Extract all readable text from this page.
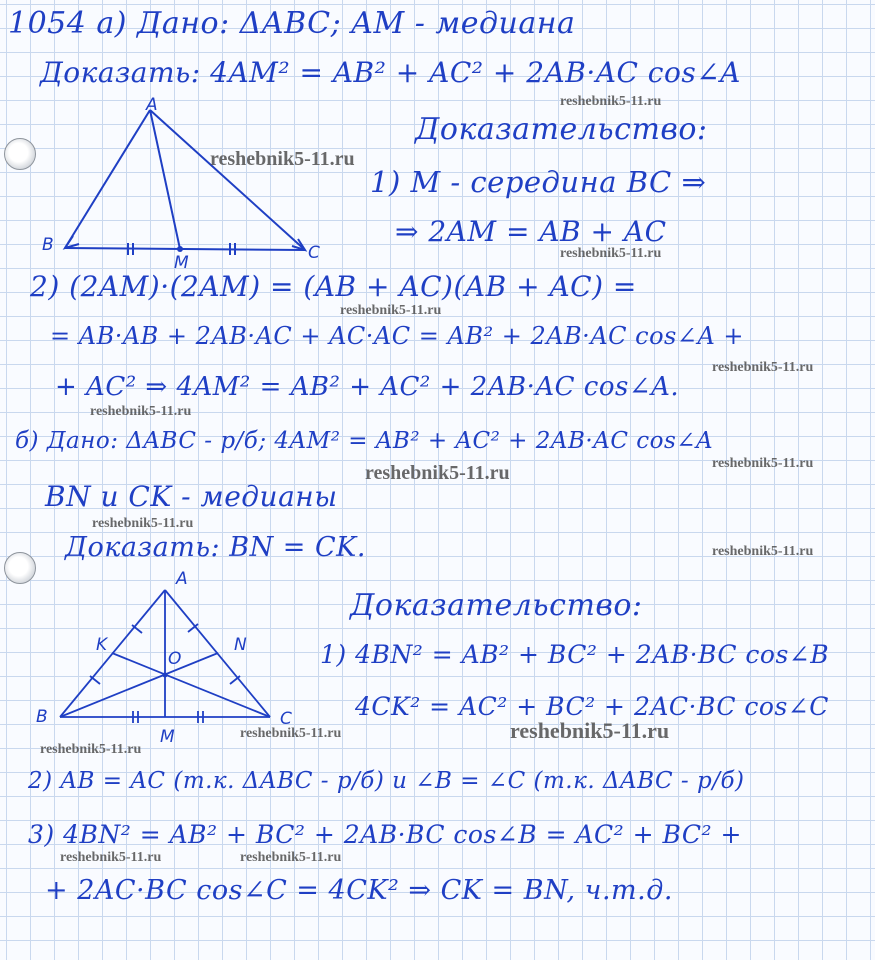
1054 а) Дано: ΔABC; AM - медиана
Доказать: 4AM² = AB² + AC² + 2AB·AC cos∠A
Доказательство:
1) M - середина BC ⇒
⇒ 2AM = AB + AC
2) (2AM)·(2AM) = (AB + AC)(AB + AC) =
= AB·AB + 2AB·AC + AC·AC = AB² + 2AB·AC cos∠A +
+ AC² ⇒ 4AM² = AB² + AC² + 2AB·AC cos∠A.
б) Дано: ΔABC - р/б; 4AM² = AB² + AC² + 2AB·AC cos∠A
BN и CK - медианы
Доказать: BN = CK.
Доказательство:
1) 4BN² = AB² + BC² + 2AB·BC cos∠B
4CK² = AC² + BC² + 2AC·BC cos∠C
2) AB = AC (т.к. ΔABC - р/б) и ∠B = ∠C (т.к. ΔABC - р/б)
3) 4BN² = AB² + BC² + 2AB·BC cos∠B = AC² + BC² +
+ 2AC·BC cos∠C = 4CK² ⇒ CK = BN, ч.т.д.
A
B	C
M
A
B	C
M
K	N
O
reshebnik5-11.ru
reshebnik5-11.ru
reshebnik5-11.ru
reshebnik5-11.ru
reshebnik5-11.ru
reshebnik5-11.ru
reshebnik5-11.ru
reshebnik5-11.ru
reshebnik5-11.ru
reshebnik5-11.ru
reshebnik5-11.ru	reshebnik5-11.ru
reshebnik5-11.ru
reshebnik5-11.ru	reshebnik5-11.ru
